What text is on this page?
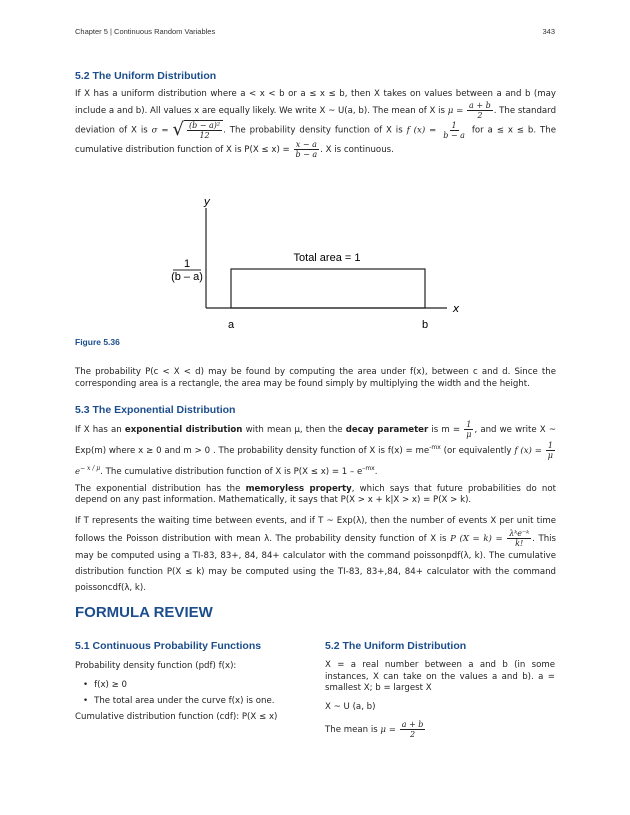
Chapter 5 | Continuous Random Variables	343
5.2 The Uniform Distribution

If X has a uniform distribution where a < x < b or a ≤ x ≤ b, then X takes on values between a and b (may include a and b). All values x are equally likely. We write X ~ U(a, b). The mean of X is $\mu = \frac{a + b}{2}$ . The standard deviation of X is σ = √ $\frac{\text{(b − a)²}}{12}$ . The probability density function of X is f $(x) = \frac{1}{b - a}$ for a ≤ x ≤ b. The cumulative distribution function of X is $P(X \le x) = \frac{x - a}{b - a}$ . X is continuous.

y
x
1
(b – a)
Total area = 1
a	b
Figure 5.36

The probability P(c < X < d) may be found by computing the area under f(x), between c and d. Since the corresponding area is a rectangle, the area may be found simply by multiplying the width and the height.

5.3 The Exponential Distribution

If X has an exponential distribution with mean μ, then the decay parameter is $m = \frac{1}{\mu}$ , and we write X ~ Exp(m) where x ≥ 0 and m > 0 . The probability density function of X is $f(x) = me^{-mx}$ (or equivalently f $(x) = \frac{1}{\mu}$
$e^{- x / \mu}$. The cumulative distribution function of X is $P(X \le x) = 1 - e^{-mx}$.

The exponential distribution has the memoryless property, which says that future probabilities do not depend on any past information. Mathematically, it says that P(X > x + k|X > x) = P(X > k).

If T represents the waiting time between events, and if T ~ Exp(λ), then the number of events X per unit time follows the Poisson distribution with mean λ. The probability density function of X is P $(X = k) = \frac{\text{λᵏe⁻ᵏ}}{k!}$ . This may be computed using a TI-83, 83+, 84, 84+ calculator with the command poissonpdf(λ, k). The cumulative distribution function P(X ≤ k) may be computed using the TI-83, 83+,84, 84+ calculator with the command poissoncdf(λ, k).

FORMULA REVIEW
5.1 Continuous Probability Functions

Probability density function (pdf) f(x):

• f(x) ≥ 0
• The total area under the curve f(x) is one.

Cumulative distribution function (cdf): P(X ≤ x)

5.2 The Uniform Distribution

X = a real number between a and b (in some instances, X can take on the values a and b). a = smallest X; b = largest X

X ~ U (a, b)

The mean is $\mu = \frac{a + b}{2}$
